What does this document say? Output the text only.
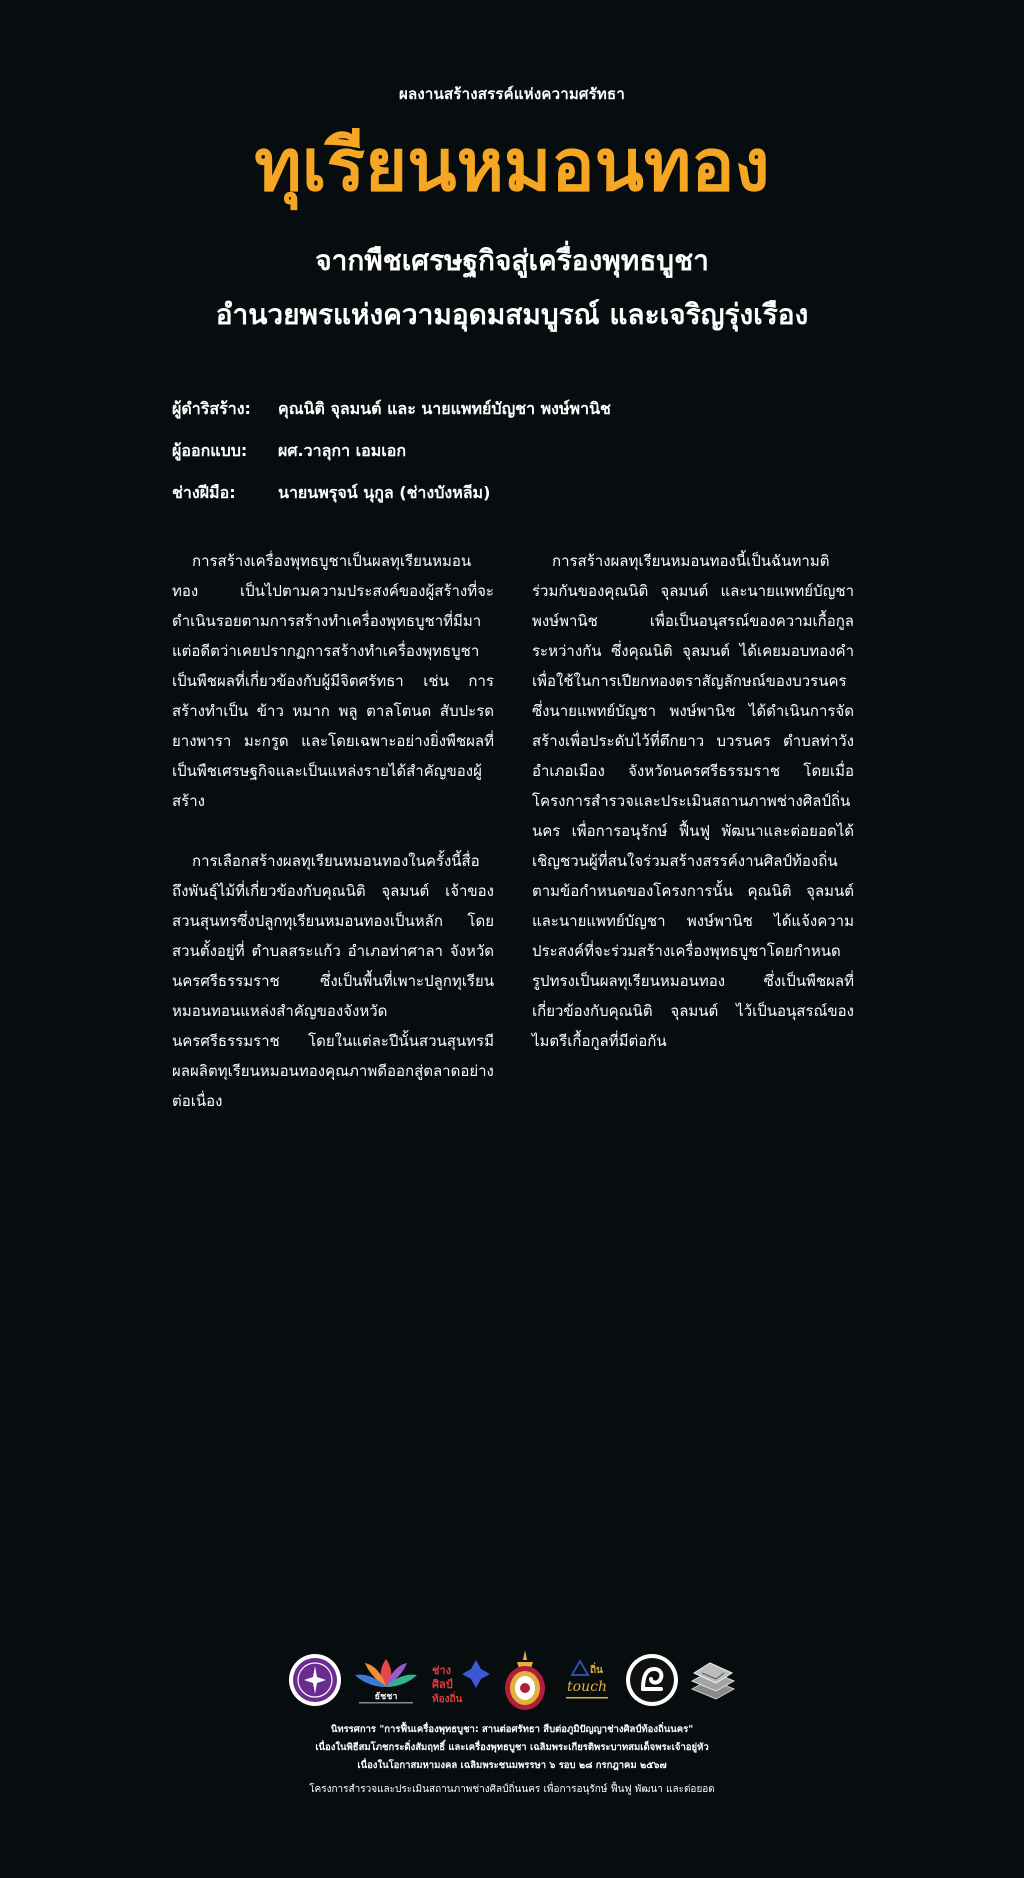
ผลงานสร้างสรรค์แห่งความศรัทธา
ทุเรียนหมอนทอง
จากพืชเศรษฐกิจสู่เครื่องพุทธบูชา
อำนวยพรแห่งความอุดมสมบูรณ์ และเจริญรุ่งเรือง
ผู้ดำริสร้าง:	คุณนิติ จุลมนต์ และ นายแพทย์บัญชา พงษ์พานิช
ผู้ออกแบบ:	ผศ.วาลุกา เอมเอก
ช่างฝีมือ:	นายนพรุจน์ นุกูล (ช่างบังหลีม)

การสร้างเครื่องพุทธบูชาเป็นผลทุเรียนหมอนทอง เป็นไปตามความประสงค์ของผู้สร้างที่จะดำเนินรอยตามการสร้างทำเครื่องพุทธบูชาที่มีมาแต่อดีตว่าเคยปรากฏการสร้างทำเครื่องพุทธบูชาเป็นพืชผลที่เกี่ยวข้องกับผู้มีจิตศรัทธา เช่น การสร้างทำเป็น ข้าว หมาก พลู ตาลโตนด สับปะรด ยางพารา มะกรูด และโดยเฉพาะอย่างยิ่งพืชผลที่เป็นพืชเศรษฐกิจและเป็นแหล่งรายได้สำคัญของผู้สร้าง

การเลือกสร้างผลทุเรียนหมอนทองในครั้งนี้สื่อถึงพันธุ์ไม้ที่เกี่ยวข้องกับคุณนิติ จุลมนต์ เจ้าของสวนสุนทรซึ่งปลูกทุเรียนหมอนทองเป็นหลัก โดยสวนตั้งอยู่ที่ ตำบลสระแก้ว อำเภอท่าศาลา จังหวัดนครศรีธรรมราช ซึ่งเป็นพื้นที่เพาะปลูกทุเรียนหมอนทอนแหล่งสำคัญของจังหวัดนครศรีธรรมราช โดยในแต่ละปีนั้นสวนสุนทรมีผลผลิตทุเรียนหมอนทองคุณภาพดีออกสู่ตลาดอย่างต่อเนื่อง

การสร้างผลทุเรียนหมอนทองนี้เป็นฉันทามติร่วมกันของคุณนิติ จุลมนต์ และนายแพทย์บัญชา พงษ์พานิช เพื่อเป็นอนุสรณ์ของความเกื้อกูลระหว่างกัน ซึ่งคุณนิติ จุลมนต์ ได้เคยมอบทองคำเพื่อใช้ในการเปียกทองตราสัญลักษณ์ของบวรนคร ซึ่งนายแพทย์บัญชา พงษ์พานิช ได้ดำเนินการจัดสร้างเพื่อประดับไว้ที่ตึกยาว บวรนคร ตำบลท่าวัง อำเภอเมือง จังหวัดนครศรีธรรมราช โดยเมื่อโครงการสำรวจและประเมินสถานภาพช่างศิลป์ถิ่นนคร เพื่อการอนุรักษ์ ฟื้นฟู พัฒนาและต่อยอดได้เชิญชวนผู้ที่สนใจร่วมสร้างสรรค์งานศิลป์ท้องถิ่นตามข้อกำหนดของโครงการนั้น คุณนิติ จุลมนต์และนายแพทย์บัญชา พงษ์พานิช ได้แจ้งความประสงค์ที่จะร่วมสร้างเครื่องพุทธบูชาโดยกำหนดรูปทรงเป็นผลทุเรียนหมอนทอง ซึ่งเป็นพืชผลที่เกี่ยวข้องกับคุณนิติ จุลมนต์ ไว้เป็นอนุสรณ์ของไมตรีเกื้อกูลที่มีต่อกัน

ธัชชา
ช่าง
ศิลป์
ท้องถิ่น
ถิ่น
touch
นิทรรศการ "การฟื้นเครื่องพุทธบูชา: สานต่อศรัทธา สืบต่อภูมิปัญญาช่างศิลป์ท้องถิ่นนคร"
เนื่องในพิธีสมโภชกระดิ่งสัมฤทธิ์ และเครื่องพุทธบูชา เฉลิมพระเกียรติพระบาทสมเด็จพระเจ้าอยู่หัว
เนื่องในโอกาสมหามงคล เฉลิมพระชนมพรรษา ๖ รอบ ๒๘ กรกฎาคม ๒๕๖๗
โครงการสำรวจและประเมินสถานภาพช่างศิลป์ถิ่นนคร เพื่อการอนุรักษ์ ฟื้นฟู พัฒนา และต่อยอด
